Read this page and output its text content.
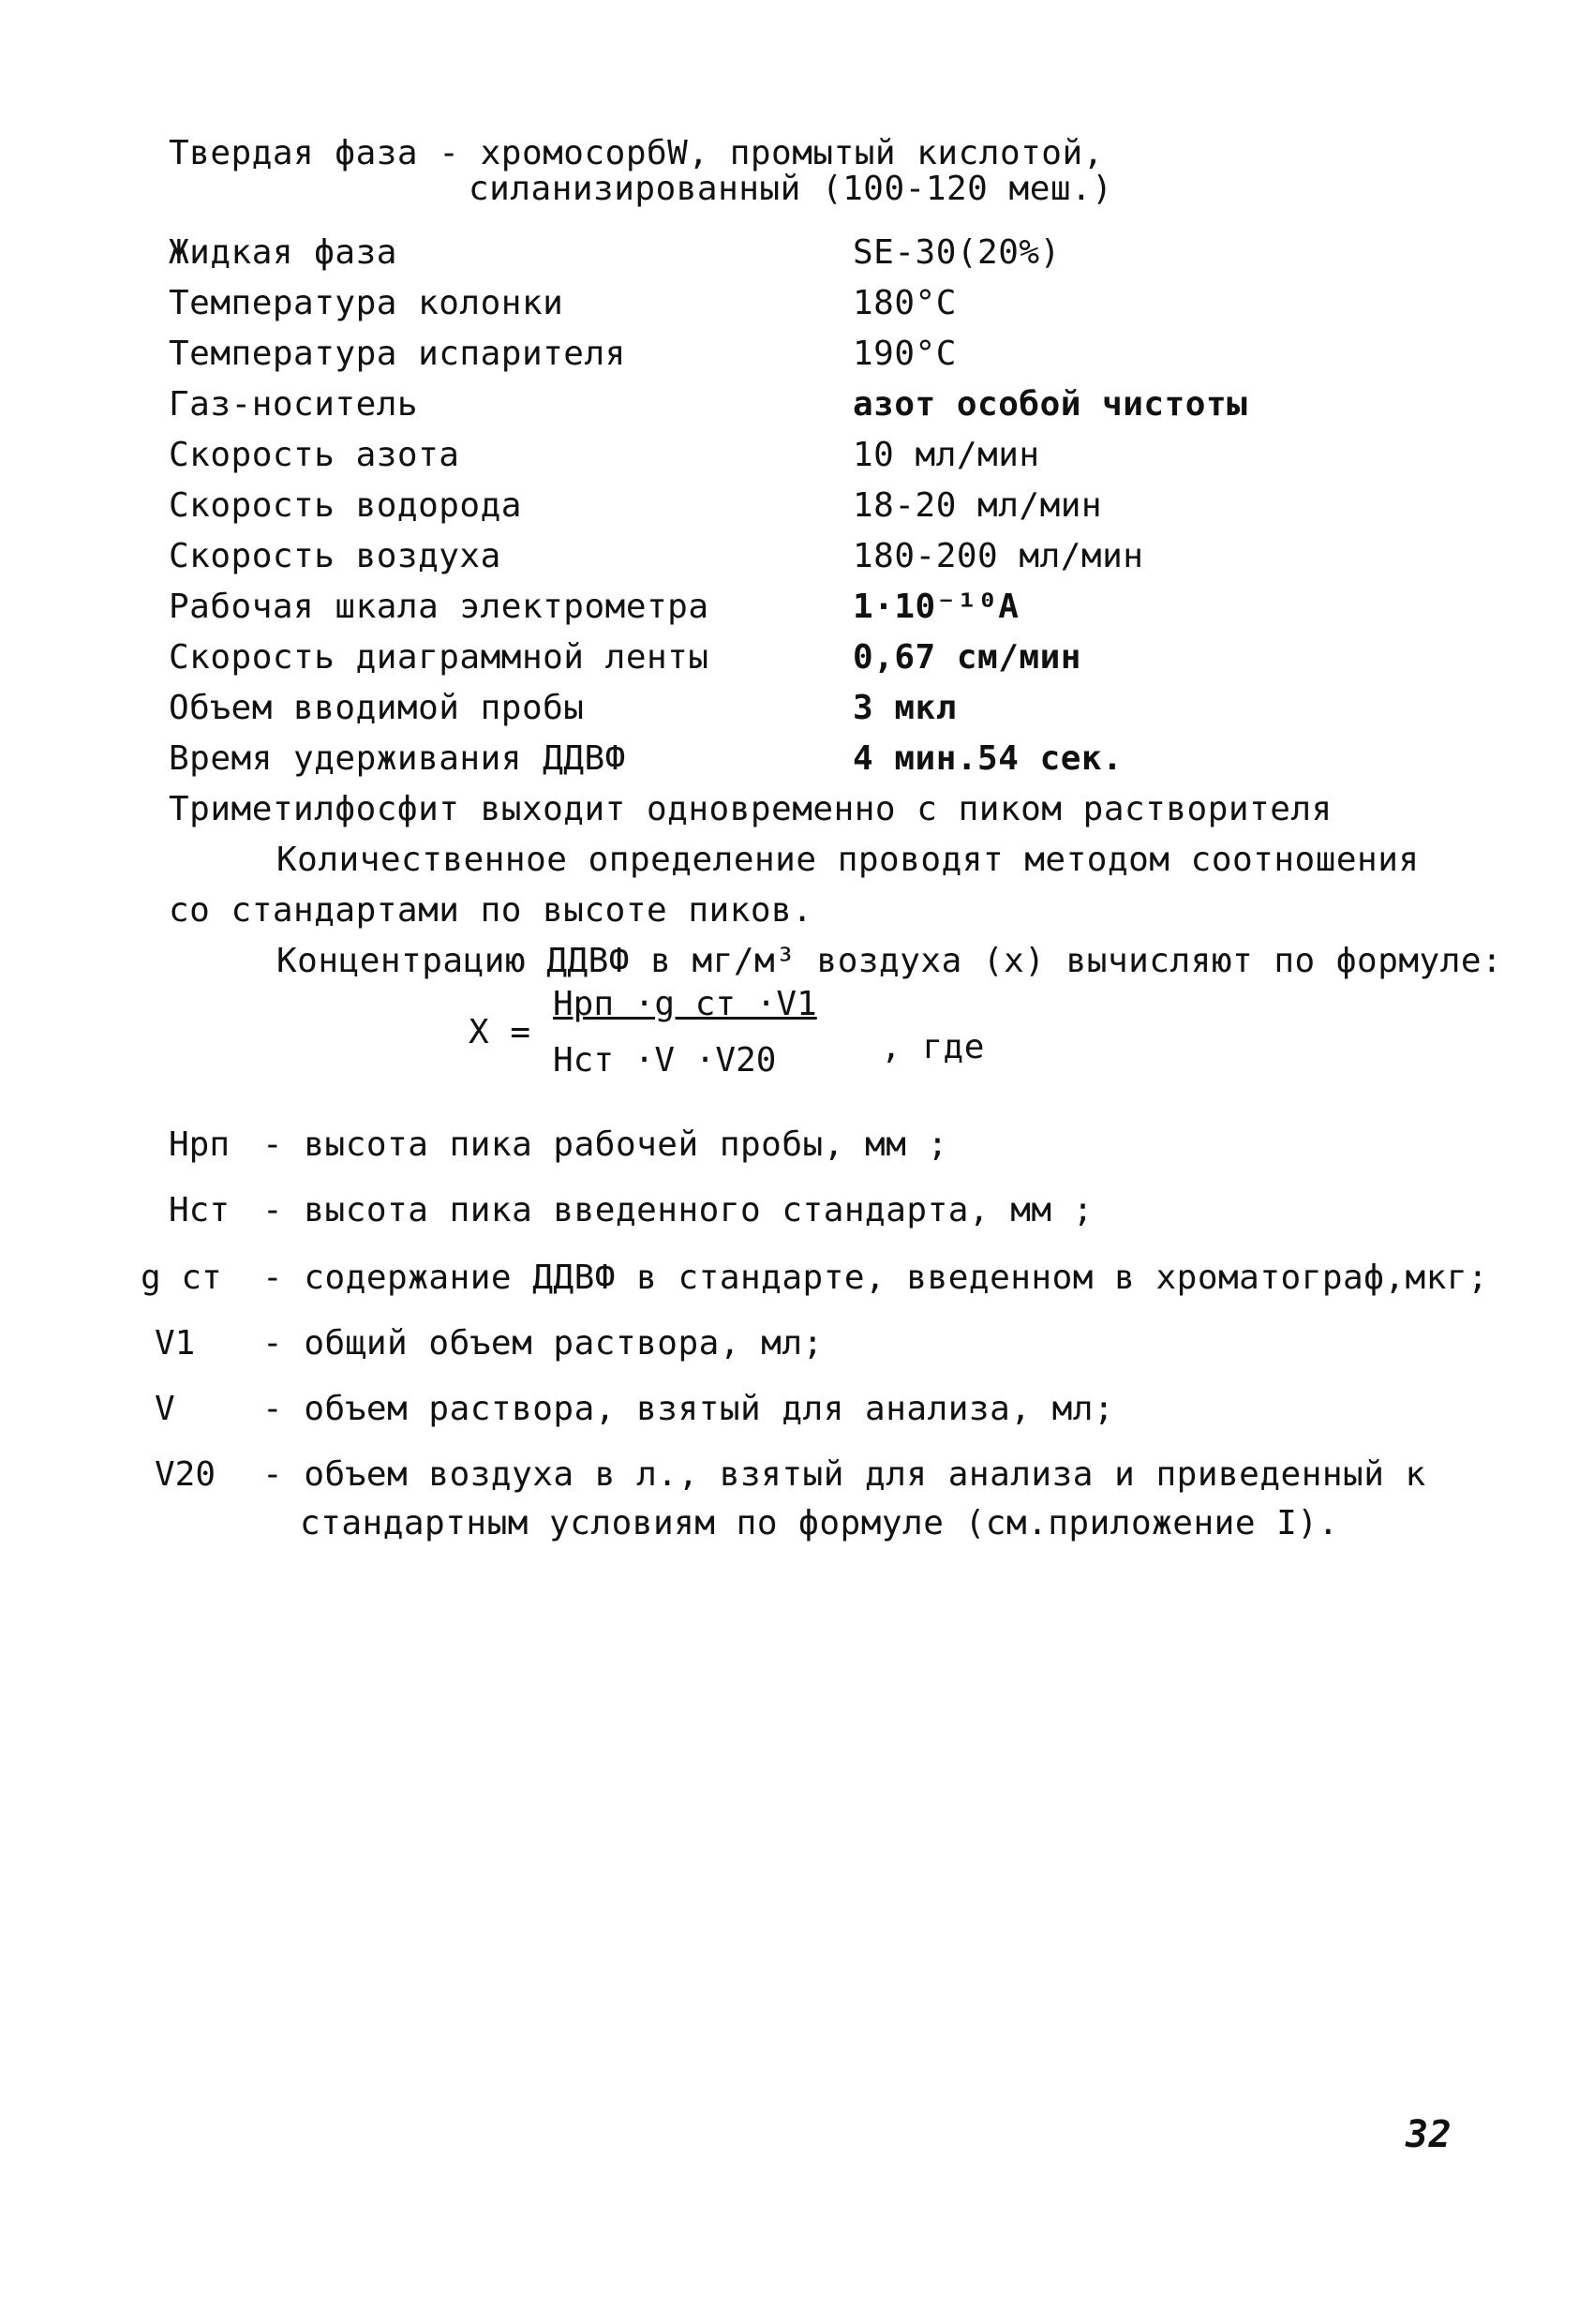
Твердая фаза - хромосорбW, промытый кислотой,
силанизированный (100-120 меш.)
Жидкая фаза	SE-30(20%)
Температура колонки	180°С
Температура испарителя	190°С
Газ-носитель	азот особой чистоты
Скорость азота	10 мл/мин
Скорость водорода	18-20 мл/мин
Скорость воздуха	180-200 мл/мин
Рабочая шкала электрометра	1·10⁻¹⁰А
Скорость диаграммной ленты	0,67 см/мин
Объем вводимой пробы	3 мкл
Время удерживания ДДВФ	4 мин.54 сек.
Триметилфосфит выходит одновременно с пиком растворителя
Количественное определение проводят методом соотношения
со стандартами по высоте пиков.
Концентрацию ДДВФ в мг/м³ воздуха (х) вычисляют по формуле:
Х =
Нрп ·g ст ·V1
Нст ·V ·V20	, где
Нрп - высота пика рабочей пробы, мм ;
Нст - высота пика введенного стандарта, мм ;
g ст - содержание ДДВФ в стандарте, введенном в хроматограф,мкг;
V1 - общий объем раствора, мл;
V	- объем раствора, взятый для анализа, мл;
V20 - объем воздуха в л., взятый для анализа и приведенный к
стандартным условиям по формуле (см.приложение I).
32
